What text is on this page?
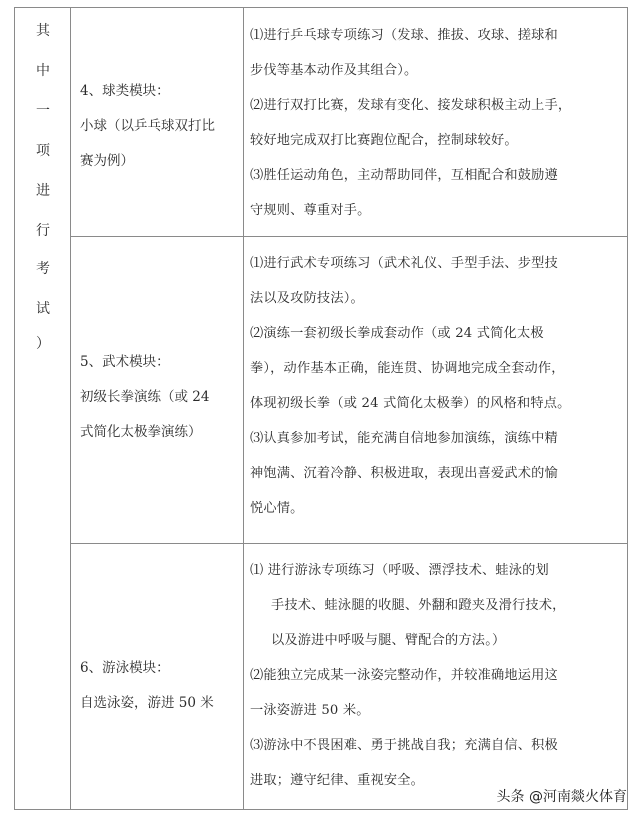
其
中
一
项
进
行
考
试
）

4、球类模块：

小球（以乒乓球双打比

赛为例）

⑴进行乒乓球专项练习（发球、推拔、攻球、搓球和

步伐等基本动作及其组合）。

⑵进行双打比赛，发球有变化、接发球积极主动上手，

较好地完成双打比赛跑位配合，控制球较好。

⑶胜任运动角色，主动帮助同伴，互相配合和鼓励遵

守规则、尊重对手。

5、武术模块：

初级长拳演练（或 24

式简化太极拳演练）

⑴进行武术专项练习（武术礼仪、手型手法、步型技

法以及攻防技法）。

⑵演练一套初级长拳成套动作（或 24 式简化太极

拳），动作基本正确，能连贯、协调地完成全套动作，

体现初级长拳（或 24 式简化太极拳）的风格和特点。

⑶认真参加考试，能充满自信地参加演练，演练中精

神饱满、沉着冷静、积极进取，表现出喜爱武术的愉

悦心情。

6、游泳模块：

自选泳姿，游进 50 米

⑴ 进行游泳专项练习（呼吸、漂浮技术、蛙泳的划

手技术、蛙泳腿的收腿、外翻和蹬夹及滑行技术，

以及游进中呼吸与腿、臂配合的方法。）

⑵能独立完成某一泳姿完整动作，并较准确地运用这

一泳姿游进 50 米。

⑶游泳中不畏困难、勇于挑战自我；充满自信、积极

进取；遵守纪律、重视安全。

头条 @河南燚火体育
